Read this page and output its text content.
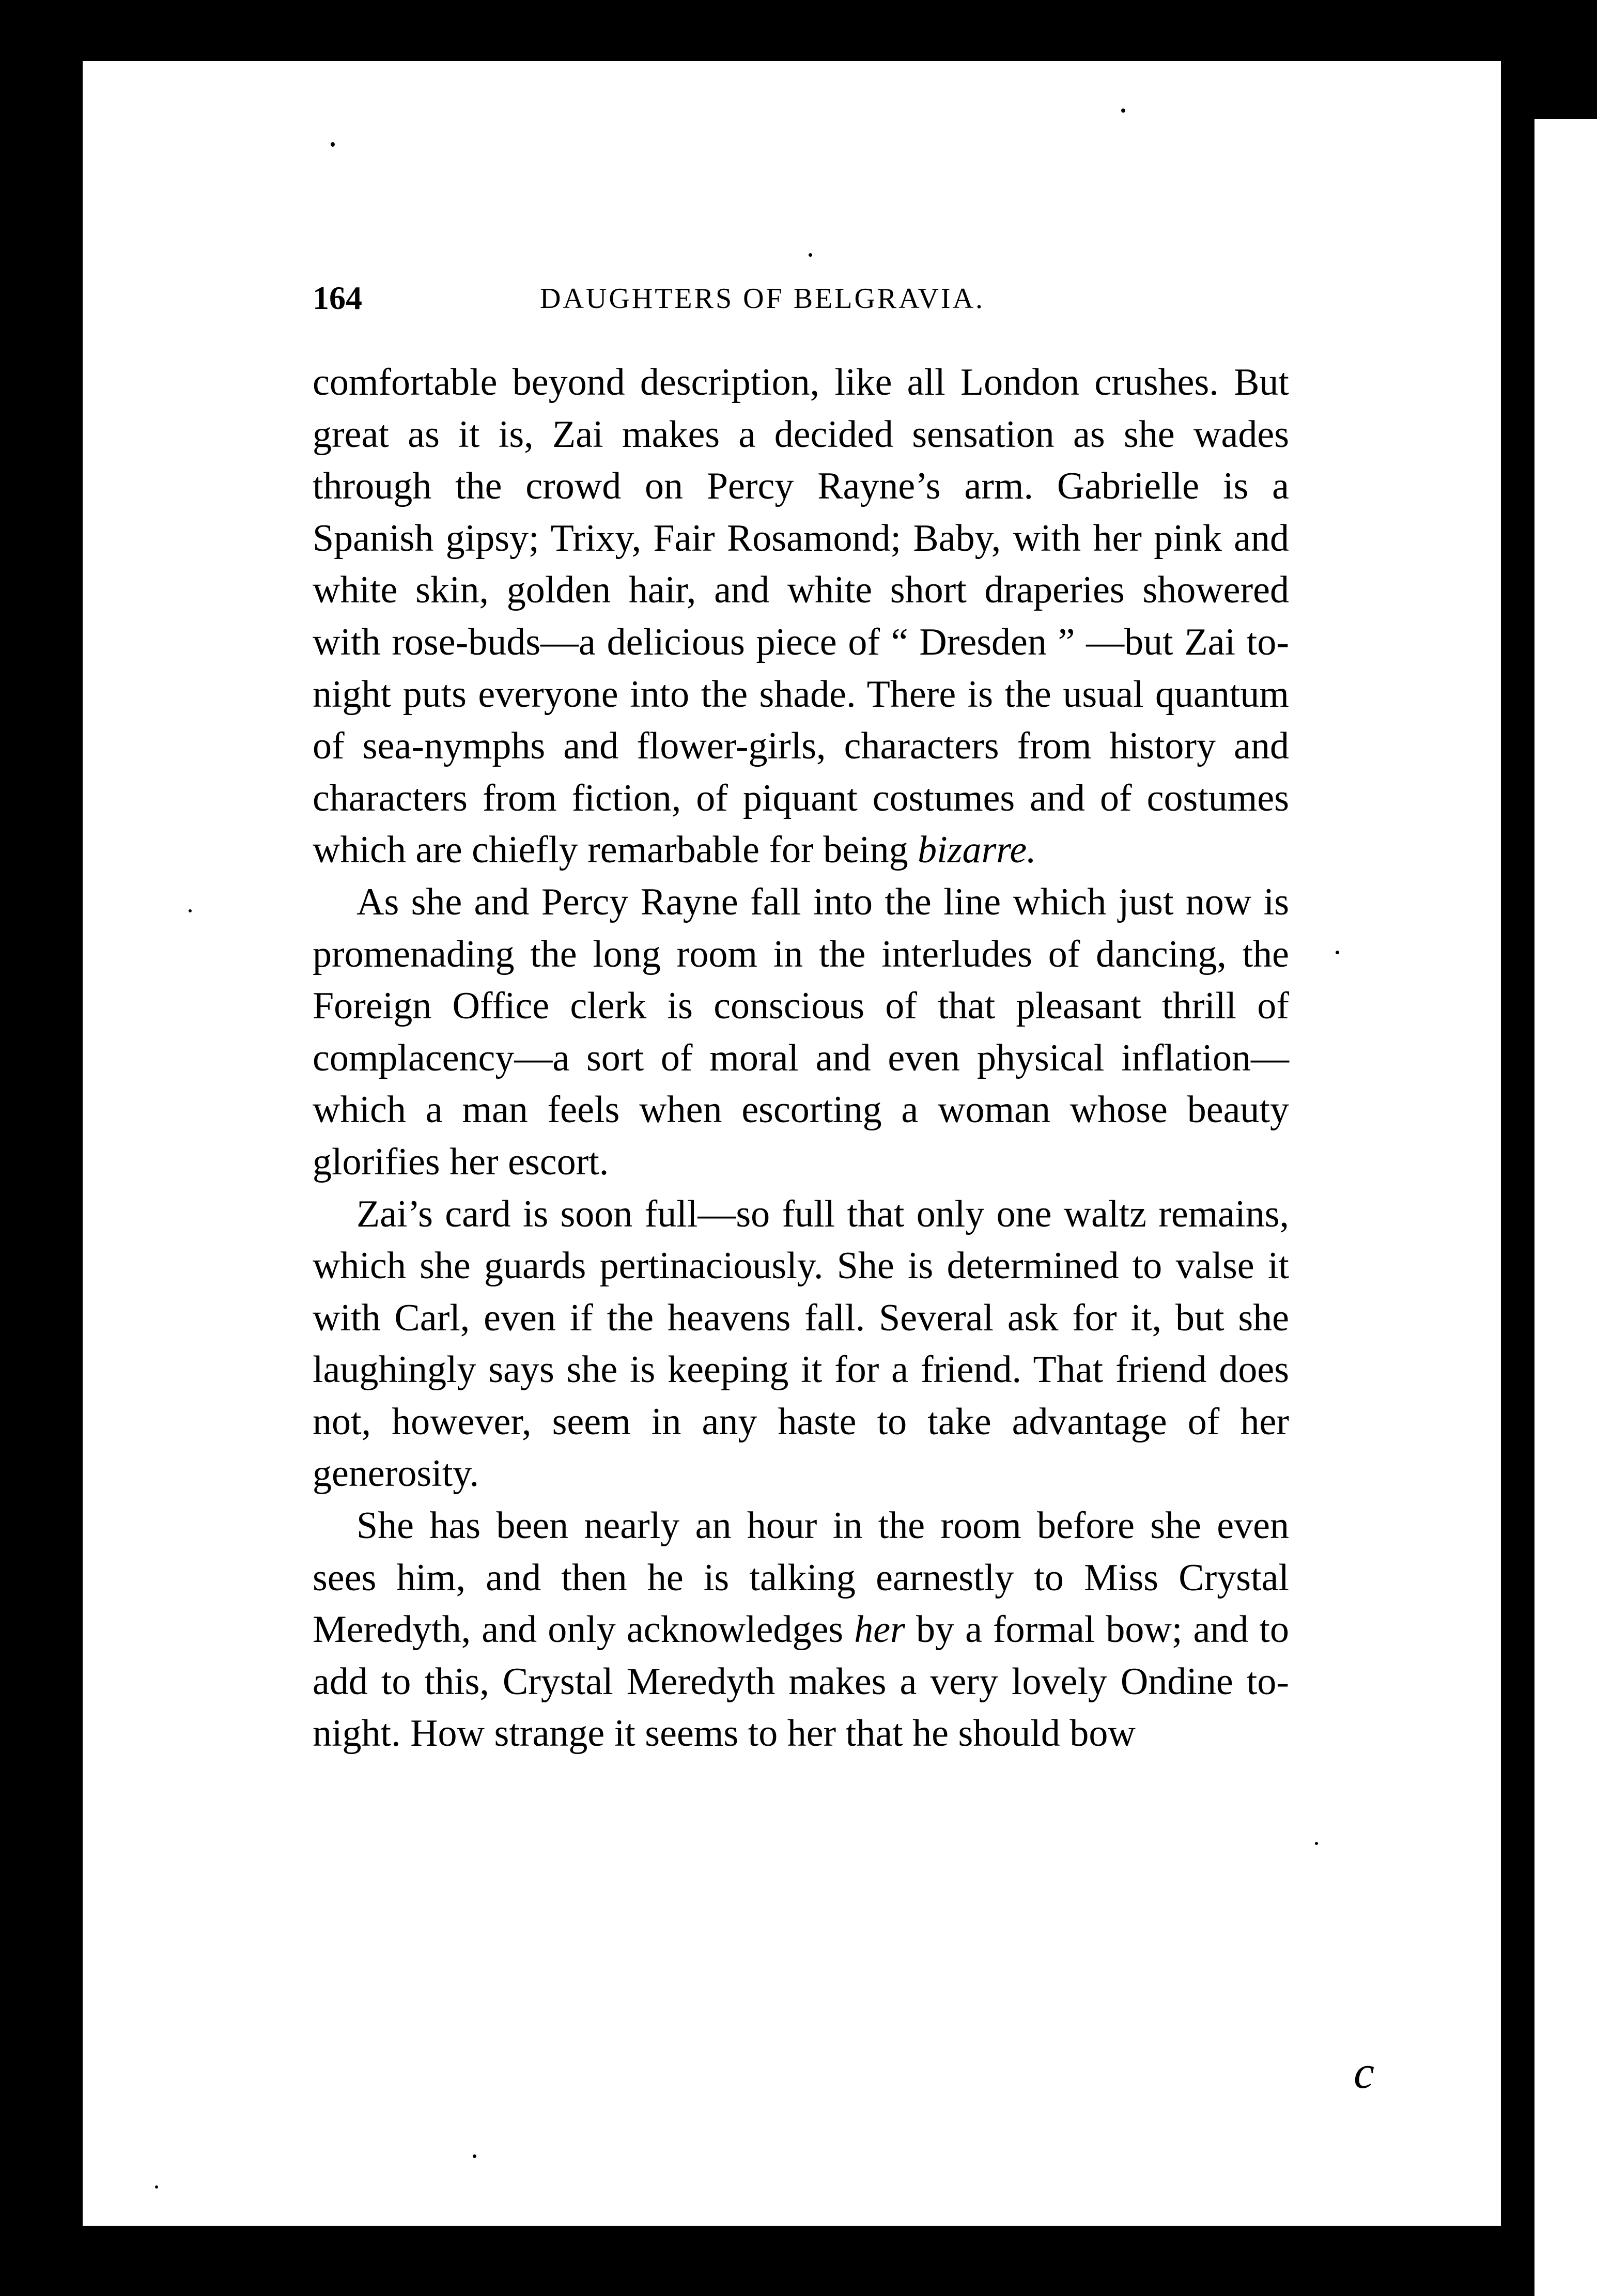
164	DAUGHTERS OF BELGRAVIA.

comfortable beyond description, like all London crushes. But great as it is, Zai makes a decided sensation as she wades through the crowd on Percy Rayne’s arm. Gabrielle is a Spanish gipsy; Trixy, Fair Rosamond; Baby, with her pink and white skin, golden hair, and white short draperies showered with rose-buds—a delicious piece of “ Dresden ” —but Zai to-night puts everyone into the shade. There is the usual quantum of sea-nymphs and flower-girls, characters from history and characters from fiction, of piquant costumes and of costumes which are chiefly remarbable for being bizarre.

As she and Percy Rayne fall into the line which just now is promenading the long room in the interludes of dancing, the Foreign Office clerk is conscious of that pleasant thrill of complacency—a sort of moral and even physical inflation—which a man feels when escorting a woman whose beauty glorifies her escort.

Zai’s card is soon full—so full that only one waltz remains, which she guards pertinaciously. She is determined to valse it with Carl, even if the heavens fall. Several ask for it, but she laughingly says she is keeping it for a friend. That friend does not, however, seem in any haste to take advantage of her generosity.

She has been nearly an hour in the room before she even sees him, and then he is talking earnestly to Miss Crystal Meredyth, and only acknowledges her by a formal bow; and to add to this, Crystal Meredyth makes a very lovely Ondine to-night. How strange it seems to her that he should bow

c
